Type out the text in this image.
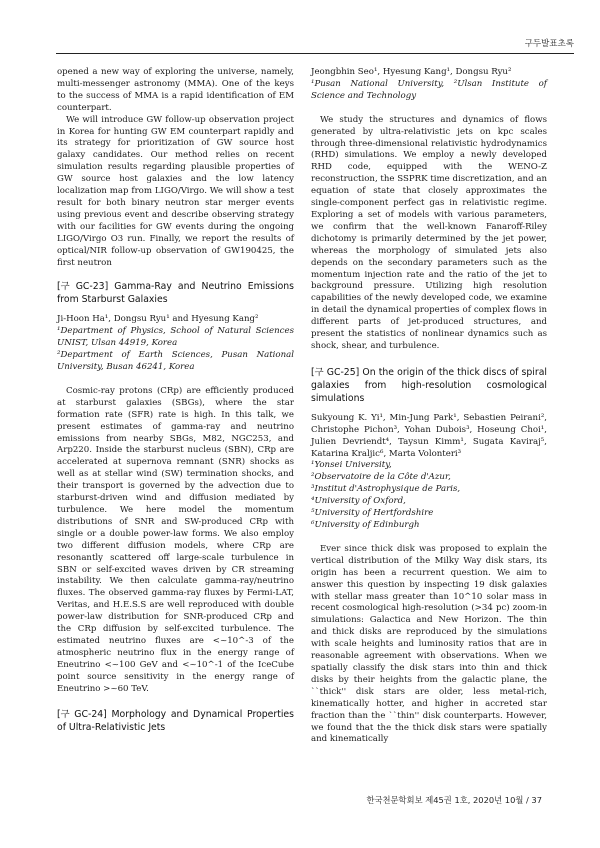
구두발표초록

opened a new way of exploring the universe, namely, multi-messenger astronomy (MMA). One of the keys to the success of MMA is a rapid identification of EM counterpart.

We will introduce GW follow-up observation project in Korea for hunting GW EM counterpart rapidly and its strategy for prioritization of GW source host galaxy candidates. Our method relies on recent simulation results regarding plausible properties of GW source host galaxies and the low latency localization map from LIGO/Virgo. We will show a test result for both binary neutron star merger events using previous event and describe observing strategy with our facilities for GW events during the ongoing LIGO/Virgo O3 run. Finally, we report the results of optical/NIR follow-up observation of GW190425, the first neutron

[구 GC-23] Gamma-Ray and Neutrino Emissions from Starburst Galaxies

Ji-Hoon Ha¹, Dongsu Ryu¹ and Hyesung Kang²

¹Department of Physics, School of Natural Sciences UNIST, Ulsan 44919, Korea

²Department of Earth Sciences, Pusan National University, Busan 46241, Korea

Cosmic-ray protons (CRp) are efficiently produced at starburst galaxies (SBGs), where the star formation rate (SFR) rate is high. In this talk, we present estimates of gamma-ray and neutrino emissions from nearby SBGs, M82, NGC253, and Arp220. Inside the starburst nucleus (SBN), CRp are accelerated at supernova remnant (SNR) shocks as well as at stellar wind (SW) termination shocks, and their transport is governed by the advection due to starburst-driven wind and diffusion mediated by turbulence. We here model the momentum distributions of SNR and SW-produced CRp with single or a double power-law forms. We also employ two different diffusion models, where CRp are resonantly scattered off large-scale turbulence in SBN or self-excited waves driven by CR streaming instability. We then calculate gamma-ray/neutrino fluxes. The observed gamma-ray fluxes by Fermi-LAT, Veritas, and H.E.S.S are well reproduced with double power-law distribution for SNR-produced CRp and the CRp diffusion by self-excited turbulence. The estimated neutrino fluxes are <~10^-3 of the atmospheric neutrino flux in the energy range of Eneutrino <~100 GeV and <~10^-1 of the IceCube point source sensitivity in the energy range of Eneutrino >~60 TeV.

[구 GC-24] Morphology and Dynamical Properties of Ultra-Relativistic Jets

Jeongbhin Seo¹, Hyesung Kang¹, Dongsu Ryu²

¹Pusan National University, ²Ulsan Institute of Science and Technology

We study the structures and dynamics of flows generated by ultra-relativistic jets on kpc scales through three-dimensional relativistic hydrodynamics (RHD) simulations. We employ a newly developed RHD code, equipped with the WENO-Z reconstruction, the SSPRK time discretization, and an equation of state that closely approximates the single-component perfect gas in relativistic regime. Exploring a set of models with various parameters, we confirm that the well-known Fanaroff-Riley dichotomy is primarily determined by the jet power, whereas the morphology of simulated jets also depends on the secondary parameters such as the momentum injection rate and the ratio of the jet to background pressure. Utilizing high resolution capabilities of the newly developed code, we examine in detail the dynamical properties of complex flows in different parts of jet-produced structures, and present the statistics of nonlinear dynamics such as shock, shear, and turbulence.

[구 GC-25] On the origin of the thick discs of spiral galaxies from high-resolution cosmological simulations

Sukyoung K. Yi¹, Min-Jung Park¹, Sebastien Peirani², Christophe Pichon³, Yohan Dubois³, Hoseung Choi¹, Julien Devriendt⁴, Taysun Kimm¹, Sugata Kaviraj⁵, Katarina Kraljic⁶, Marta Volonteri³

¹Yonsei University,

²Observatoire de la Côte d'Azur,

³Institut d'Astrophysique de Paris,

⁴University of Oxford,

⁵University of Hertfordshire

⁶University of Edinburgh

Ever since thick disk was proposed to explain the vertical distribution of the Milky Way disk stars, its origin has been a recurrent question. We aim to answer this question by inspecting 19 disk galaxies with stellar mass greater than 10^10 solar mass in recent cosmological high-resolution (>34 pc) zoom-in simulations: Galactica and New Horizon. The thin and thick disks are reproduced by the simulations with scale heights and luminosity ratios that are in reasonable agreement with observations. When we spatially classify the disk stars into thin and thick disks by their heights from the galactic plane, the ``thick'' disk stars are older, less metal-rich, kinematically hotter, and higher in accreted star fraction than the ``thin'' disk counterparts. However, we found that the the thick disk stars were spatially and kinematically

한국천문학회보 제45권 1호, 2020년 10월 / 37
